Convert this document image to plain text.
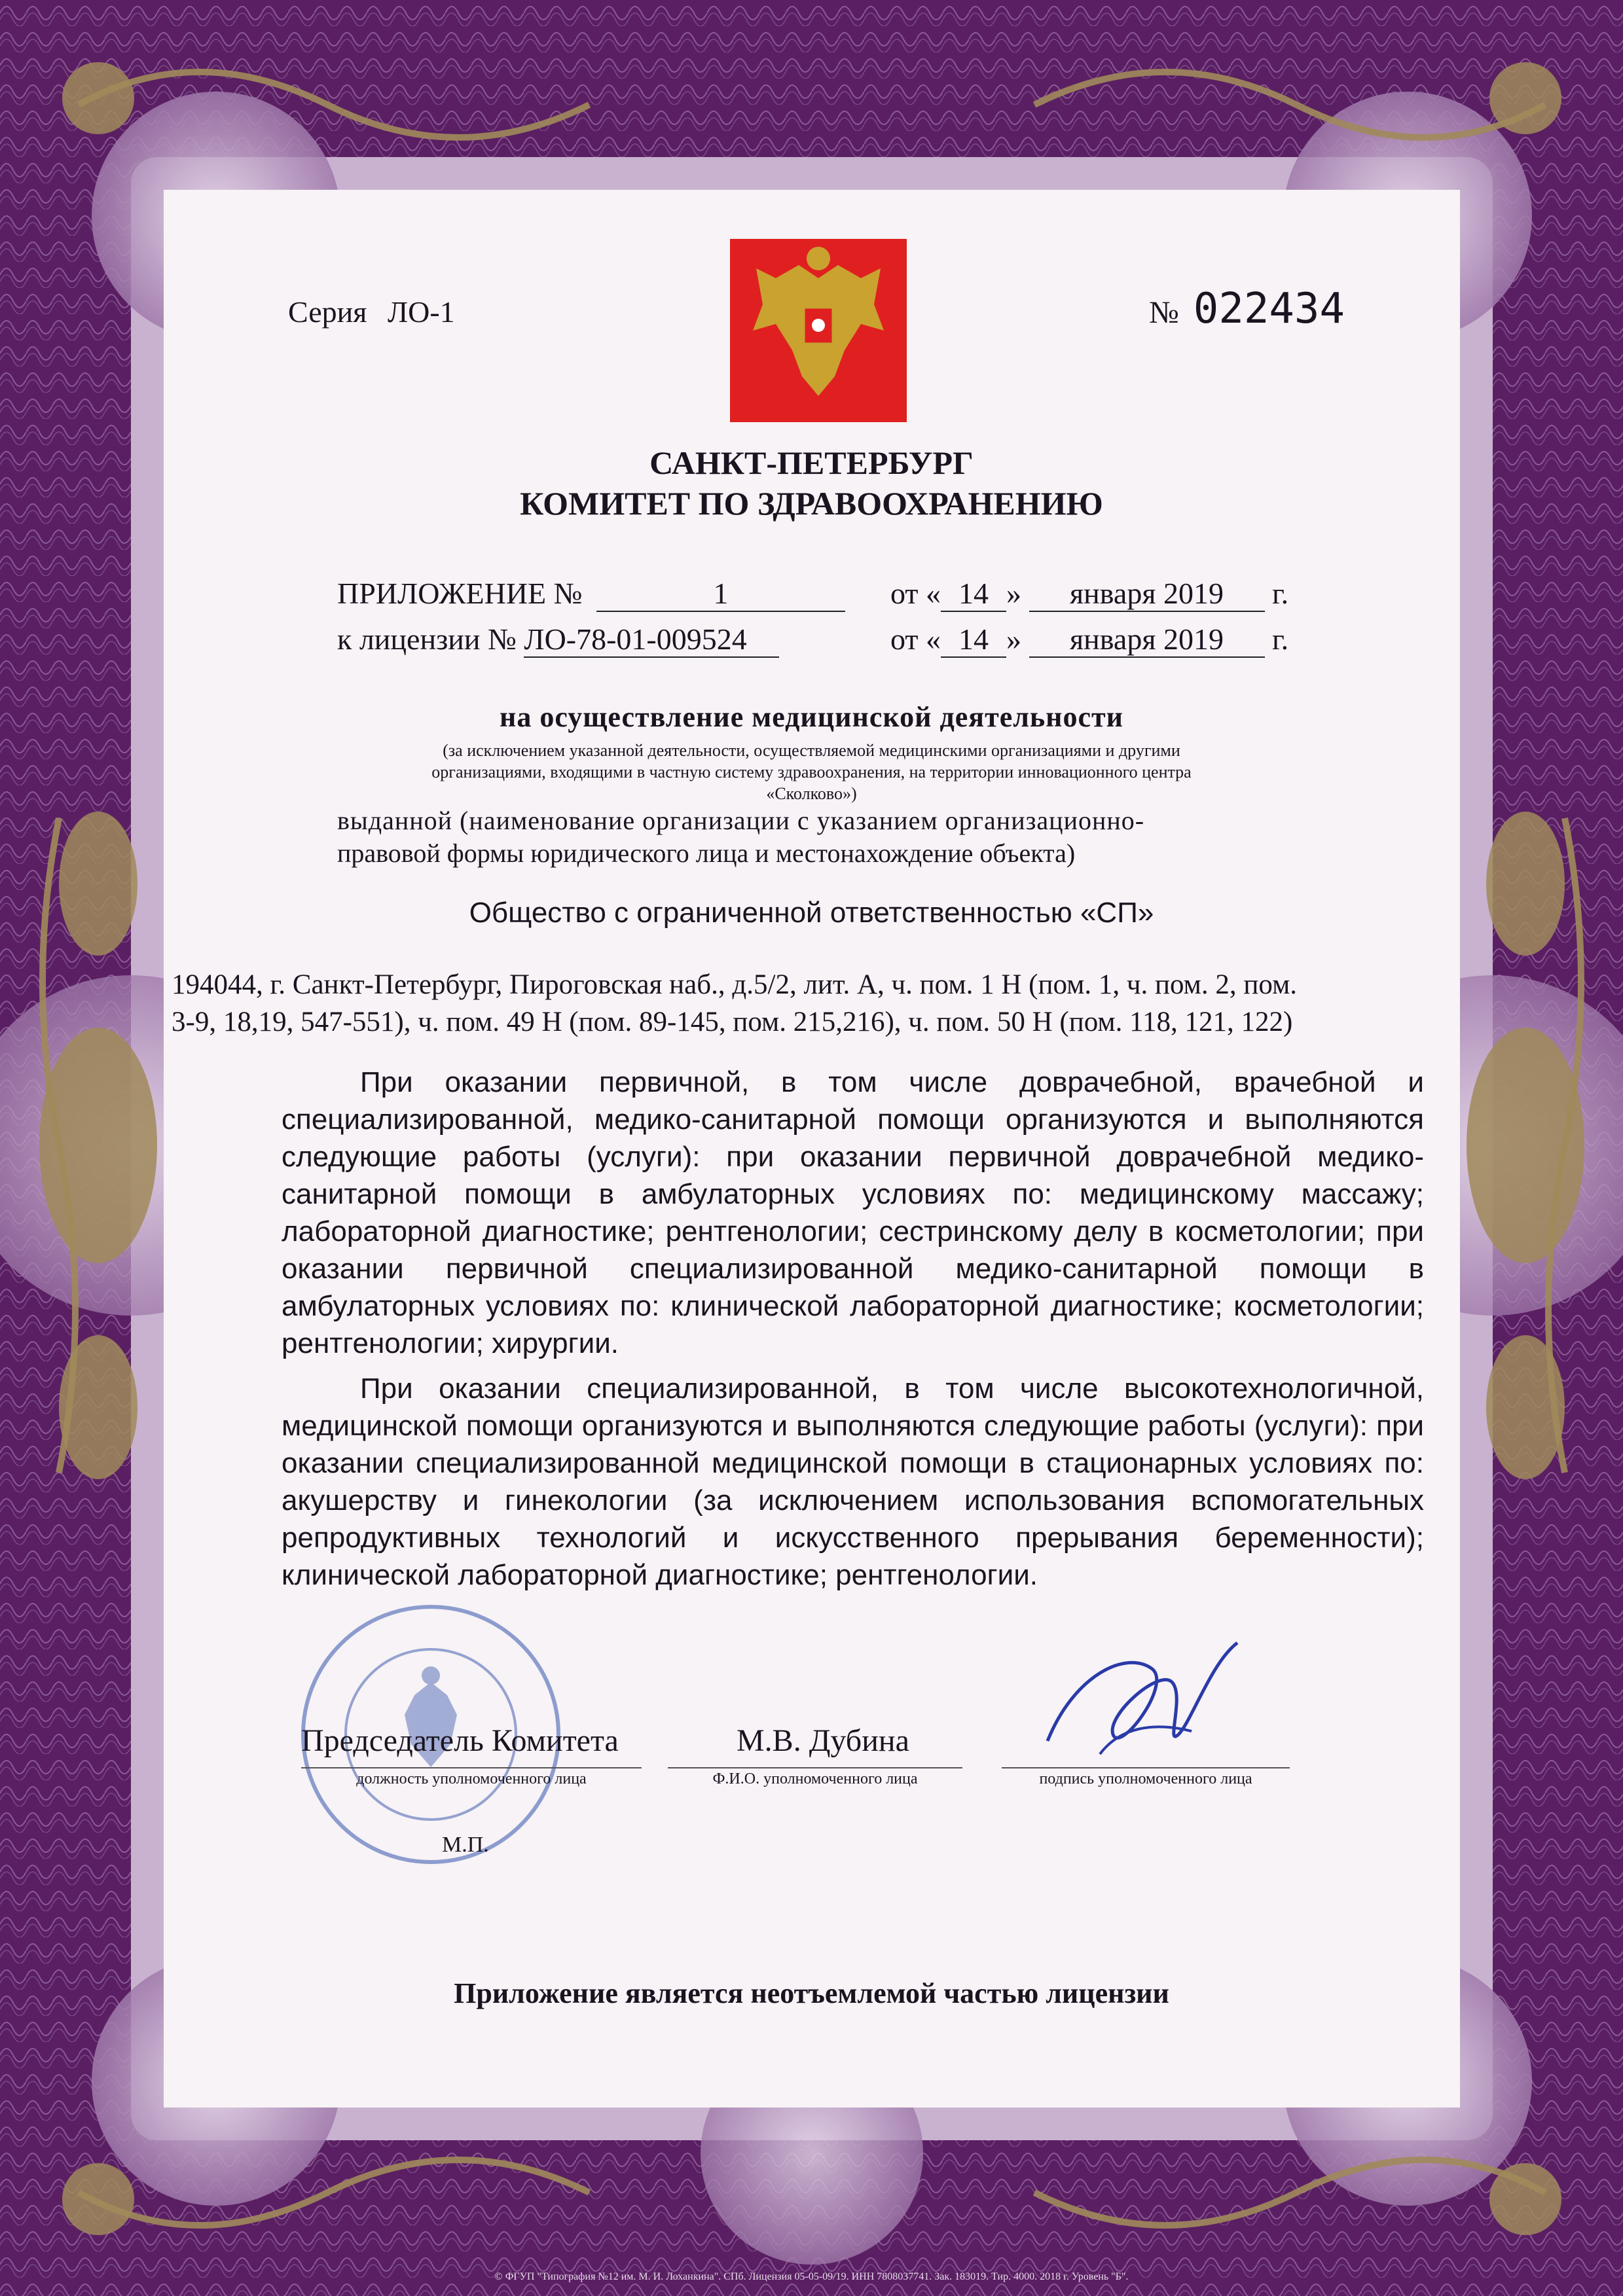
Серия ЛО-1	№ 022434
САНКТ-ПЕТЕРБУРГ
КОМИТЕТ ПО ЗДРАВООХРАНЕНИЮ
ПРИЛОЖЕНИЕ №	1	от « 14 » января 2019 г.
к лицензии № ЛО-78-01-009524	от « 14 » января 2019 г.
на осуществление медицинской деятельности
(за исключением указанной деятельности, осуществляемой медицинскими организациями и другими
организациями, входящими в частную систему здравоохранения, на территории инновационного центра
«Сколково»)
выданной (наименование организации с указанием организационно-
правовой формы юридического лица и местонахождение объекта)
Общество с ограниченной ответственностью «СП»
194044, г. Санкт-Петербург, Пироговская наб., д.5/2, лит. А, ч. пом. 1 Н (пом. 1, ч. пом. 2, пом.
3-9, 18,19, 547-551), ч. пом. 49 Н (пом. 89-145, пом. 215,216), ч. пом. 50 Н (пом. 118, 121, 122)

При оказании первичной, в том числе доврачебной, врачебной и специализированной, медико-санитарной помощи организуются и выполняются следующие работы (услуги): при оказании первичной доврачебной медико-санитарной помощи в амбулаторных условиях по: медицинскому массажу; лабораторной диагностике; рентгенологии; сестринскому делу в косметологии; при оказании первичной специализированной медико-санитарной помощи в амбулаторных условиях по: клинической лабораторной диагностике; косметологии; рентгенологии; хирургии.

При оказании специализированной, в том числе высокотехнологичной, медицинской помощи организуются и выполняются следующие работы (услуги): при оказании специализированной медицинской помощи в стационарных условиях по: акушерству и гинекологии (за исключением использования вспомогательных репродуктивных технологий и искусственного прерывания беременности); клинической лабораторной диагностике; рентгенологии.

Председатель Комитета
должность уполномоченного лица
М.В. Дубина
Ф.И.О. уполномоченного лица	подпись уполномоченного лица
М.П.
Приложение является неотъемлемой частью лицензии
© ФГУП "Типография №12 им. М. И. Лоханкина". СПб. Лицензия 05-05-09/19. ИНН 7808037741. Зак. 183019. Тир. 4000. 2018 г. Уровень "Б".
